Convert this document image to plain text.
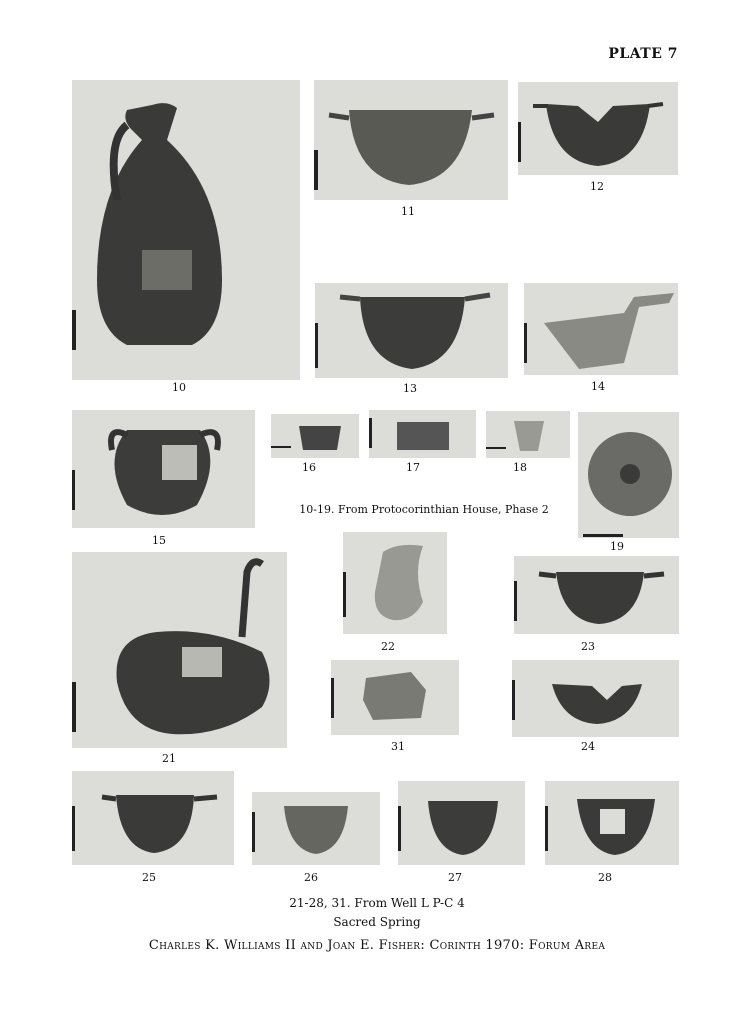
PLATE 7
10
11
12
13	14
15
16	17	18
19
10-19. From Protocorinthian House, Phase 2
21
22	23
31	24
25	26	27	28
21-28, 31. From Well L P-C 4
Sacred Spring
Charles K. Williams II and Joan E. Fisher: Corinth 1970: Forum Area
